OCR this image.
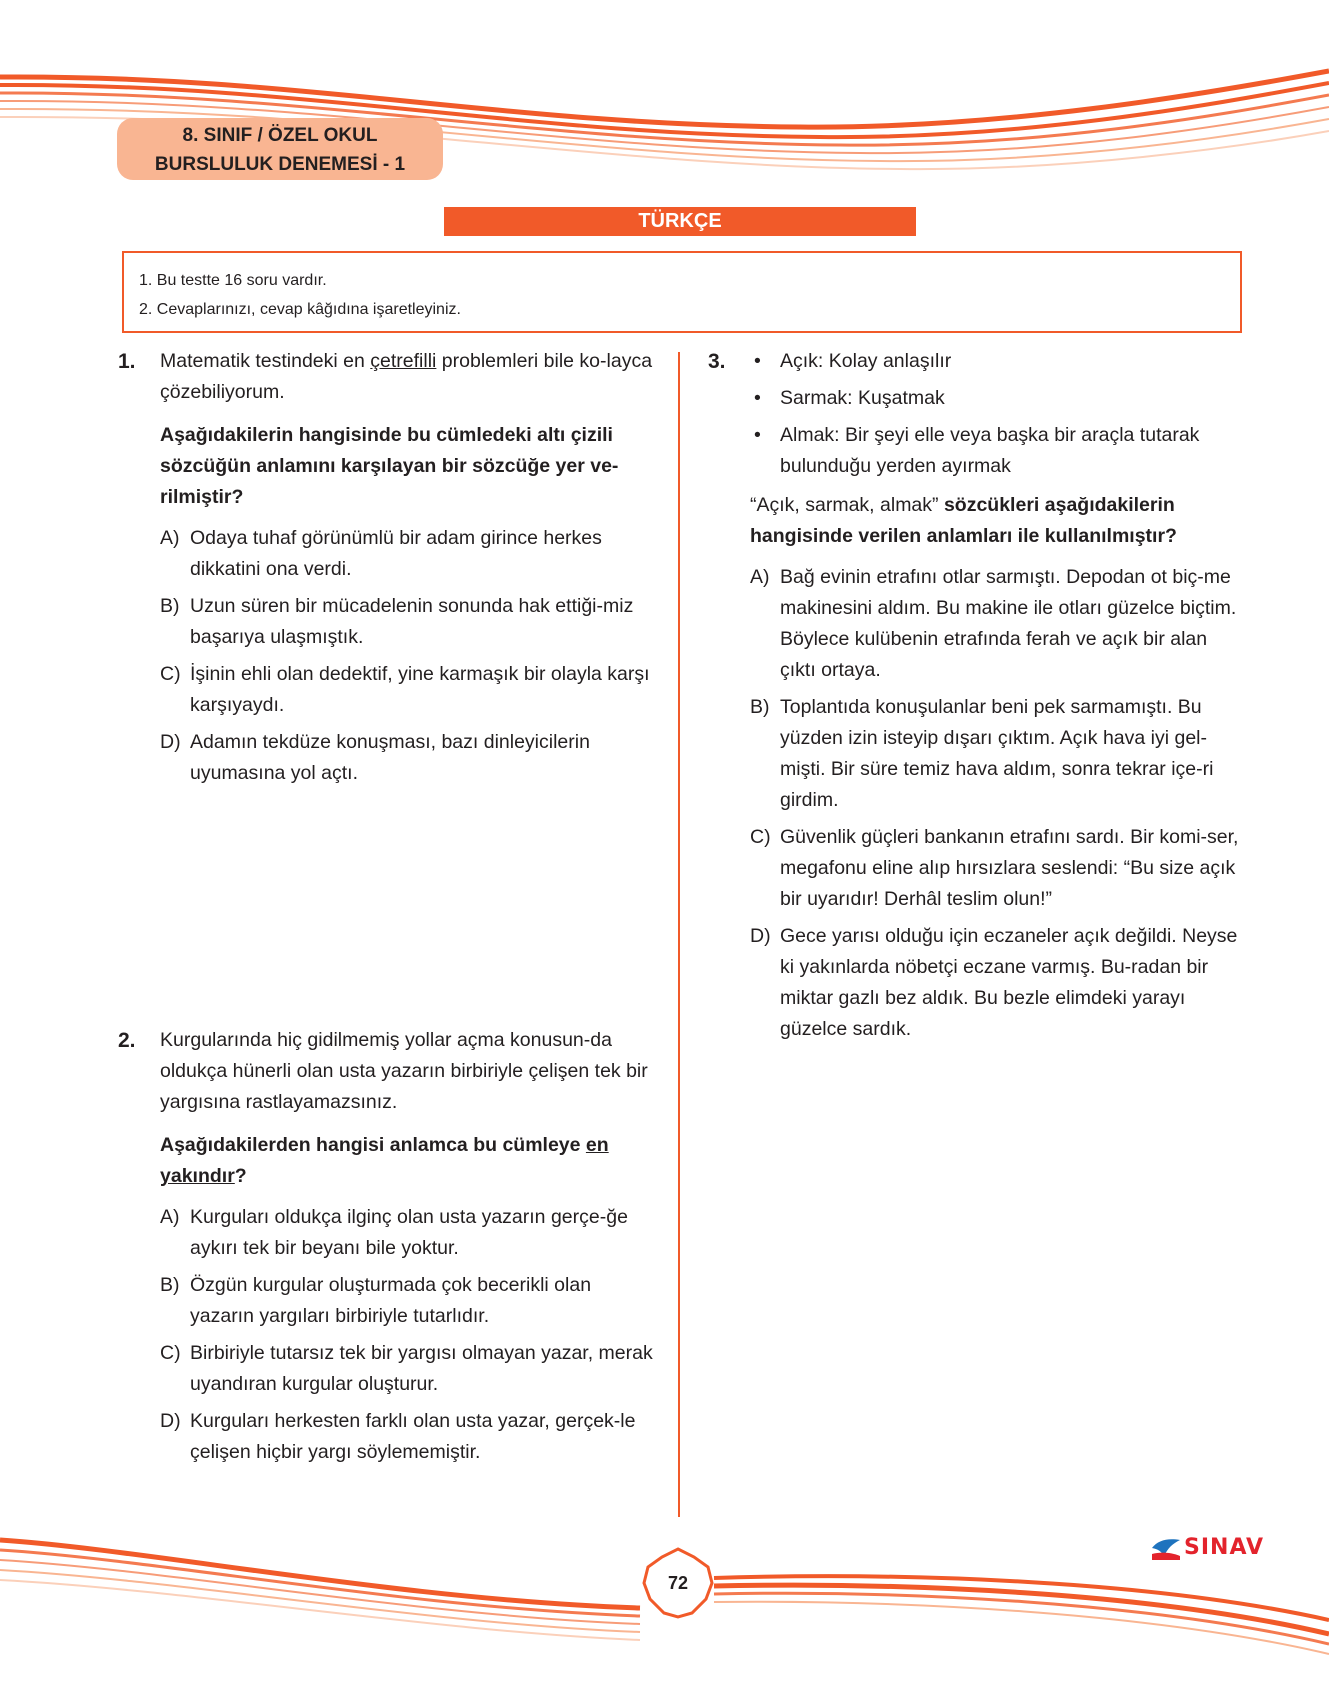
8. SINIF / ÖZEL OKUL
BURSLULUK DENEMESİ - 1
TÜRKÇE
1. Bu testte 16 soru vardır.
2. Cevaplarınızı, cevap kâğıdına işaretleyiniz.
1. Matematik testindeki en çetrefilli problemleri bile ko-layca çözebiliyorum.
Aşağıdakilerin hangisinde bu cümledeki altı çizili sözcüğün anlamını karşılayan bir sözcüğe yer ve-rilmiştir?
A) Odaya tuhaf görünümlü bir adam girince herkes dikkatini ona verdi.
B) Uzun süren bir mücadelenin sonunda hak ettiği-miz başarıya ulaşmıştık.
C) İşinin ehli olan dedektif, yine karmaşık bir olayla karşı karşıyaydı.
D) Adamın tekdüze konuşması, bazı dinleyicilerin uyumasına yol açtı.
2. Kurgularında hiç gidilmemiş yollar açma konusun-da oldukça hünerli olan usta yazarın birbiriyle çelişen tek bir yargısına rastlayamazsınız.
Aşağıdakilerden hangisi anlamca bu cümleye en yakındır?
A) Kurguları oldukça ilginç olan usta yazarın gerçe-ğe aykırı tek bir beyanı bile yoktur.
B) Özgün kurgular oluşturmada çok becerikli olan yazarın yargıları birbiriyle tutarlıdır.
C) Birbiriyle tutarsız tek bir yargısı olmayan yazar, merak uyandıran kurgular oluşturur.
D) Kurguları herkesten farklı olan usta yazar, gerçek-le çelişen hiçbir yargı söylememiştir.
3. • Açık: Kolay anlaşılır
• Sarmak: Kuşatmak
• Almak: Bir şeyi elle veya başka bir araçla tutarak bulunduğu yerden ayırmak
“Açık, sarmak, almak” sözcükleri aşağıdakilerin hangisinde verilen anlamları ile kullanılmıştır?
A) Bağ evinin etrafını otlar sarmıştı. Depodan ot biç-me makinesini aldım. Bu makine ile otları güzelce biçtim. Böylece kulübenin etrafında ferah ve açık bir alan çıktı ortaya.
B) Toplantıda konuşulanlar beni pek sarmamıştı. Bu yüzden izin isteyip dışarı çıktım. Açık hava iyi gel-mişti. Bir süre temiz hava aldım, sonra tekrar içe-ri girdim.
C) Güvenlik güçleri bankanın etrafını sardı. Bir komi-ser, megafonu eline alıp hırsızlara seslendi: “Bu size açık bir uyarıdır! Derhâl teslim olun!”
D) Gece yarısı olduğu için eczaneler açık değildi. Neyse ki yakınlarda nöbetçi eczane varmış. Bu-radan bir miktar gazlı bez aldık. Bu bezle elimdeki yarayı güzelce sardık.
72
SINAV
